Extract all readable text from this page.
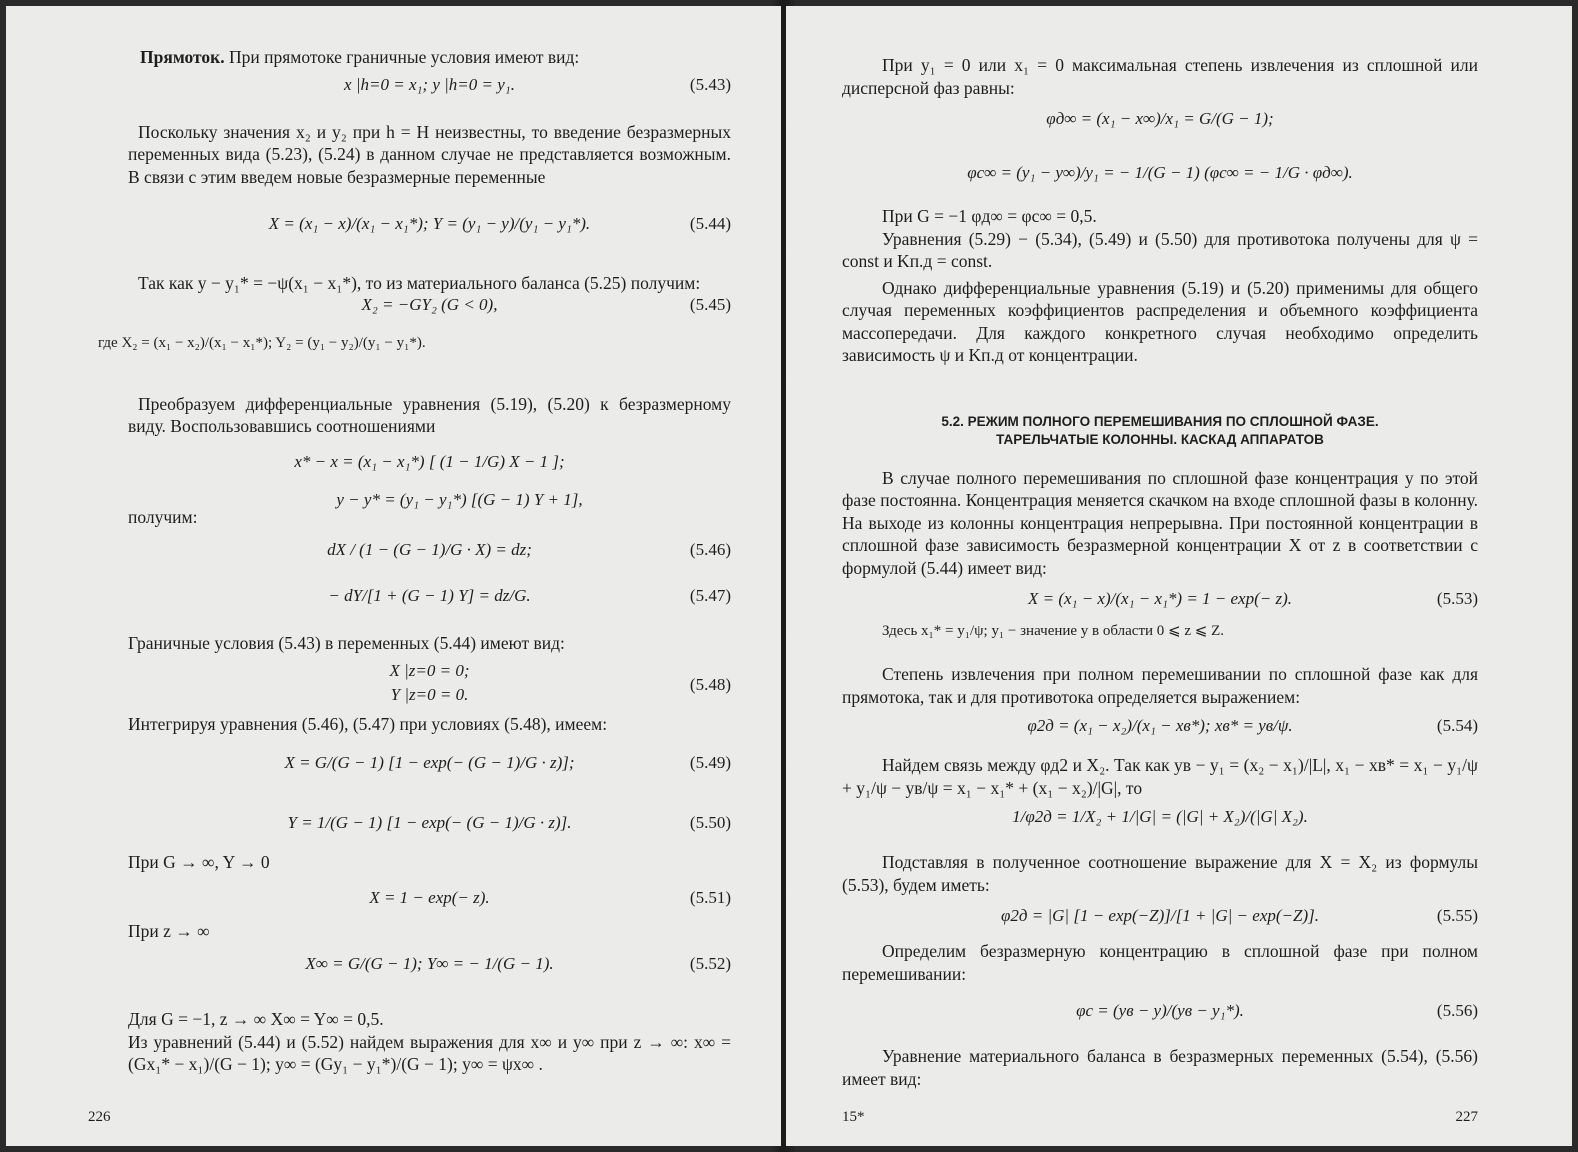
Прямоток. При прямотоке граничные условия имеют вид:

x |h=0 = x₁; y |h=0 = y₁.	(5.43)

Поскольку значения x₂ и y₂ при h = H неизвестны, то введение безразмерных переменных вида (5.23), (5.24) в данном случае не представляется возможным. В связи с этим введем новые безразмерные переменные

X = (x₁ − x)/(x₁ − x₁*); Y = (y₁ − y)/(y₁ − y₁*).	(5.44)

Так как y − y₁* = −ψ(x₁ − x₁*), то из материального баланса (5.25) получим:

X₂ = −GY₂ (G < 0),	(5.45)

где X₂ = (x₁ − x₂)/(x₁ − x₁*); Y₂ = (y₁ − y₂)/(y₁ − y₁*).

Преобразуем дифференциальные уравнения (5.19), (5.20) к безразмерному виду. Воспользовавшись соотношениями

x* − x = (x₁ − x₁*) [ (1 − 1/G) X − 1 ];
y − y* = (y₁ − y₁*) [(G − 1) Y + 1],

получим:

dX / (1 − (G − 1)/G · X) = dz;	(5.46)
− dY/[1 + (G − 1) Y] = dz/G.	(5.47)

Граничные условия (5.43) в переменных (5.44) имеют вид:

X |z=0 = 0;
Y |z=0 = 0.
(5.48)

Интегрируя уравнения (5.46), (5.47) при условиях (5.48), имеем:

X = G/(G − 1) [1 − exp(− (G − 1)/G · z)];	(5.49)
Y = 1/(G − 1) [1 − exp(− (G − 1)/G · z)].	(5.50)

При G → ∞, Y → 0

X = 1 − exp(− z).	(5.51)

При z → ∞

X∞ = G/(G − 1); Y∞ = − 1/(G − 1).	(5.52)

Для G = −1, z → ∞ X∞ = Y∞ = 0,5.

Из уравнений (5.44) и (5.52) найдем выражения для x∞ и y∞ при z → ∞: x∞ = (Gx₁* − x₁)/(G − 1); y∞ = (Gy₁ − y₁*)/(G − 1); y∞ = ψx∞ .

226

При y₁ = 0 или x₁ = 0 максимальная степень извлечения из сплошной или дисперсной фаз равны:

φд∞ = (x₁ − x∞)/x₁ = G/(G − 1);
φс∞ = (y₁ − y∞)/y₁ = − 1/(G − 1) (φс∞ = − 1/G · φд∞).

При G = −1 φд∞ = φс∞ = 0,5.

Уравнения (5.29) − (5.34), (5.49) и (5.50) для противотока получены для ψ = const и Kп.д = const.

Однако дифференциальные уравнения (5.19) и (5.20) применимы для общего случая переменных коэффициентов распределения и объемного коэффициента массопередачи. Для каждого конкретного случая необходимо определить зависимость ψ и Kп.д от концентрации.

5.2. РЕЖИМ ПОЛНОГО ПЕРЕМЕШИВАНИЯ ПО СПЛОШНОЙ ФАЗЕ.
ТАРЕЛЬЧАТЫЕ КОЛОННЫ. КАСКАД АППАРАТОВ

В случае полного перемешивания по сплошной фазе концентрация y по этой фазе постоянна. Концентрация меняется скачком на входе сплошной фазы в колонну. На выходе из колонны концентрация непрерывна. При постоянной концентрации в сплошной фазе зависимость безразмерной концентрации X от z в соответствии с формулой (5.44) имеет вид:

X = (x₁ − x)/(x₁ − x₁*) = 1 − exp(− z).	(5.53)

Здесь x₁* = y₁/ψ; y₁ − значение y в области 0 ⩽ z ⩽ Z.

Степень извлечения при полном перемешивании по сплошной фазе как для прямотока, так и для противотока определяется выражением:

φ2д = (x₁ − x₂)/(x₁ − xв*); xв* = yв/ψ.	(5.54)

Найдем связь между φд2 и X₂. Так как yв − y₁ = (x₂ − x₁)/|L|, x₁ − xв* = x₁ − y₁/ψ + y₁/ψ − yв/ψ = x₁ − x₁* + (x₁ − x₂)/|G|, то

1/φ2д = 1/X₂ + 1/|G| = (|G| + X₂)/(|G| X₂).

Подставляя в полученное соотношение выражение для X = X₂ из формулы (5.53), будем иметь:

φ2д = |G| [1 − exp(−Z)]/[1 + |G| − exp(−Z)].	(5.55)

Определим безразмерную концентрацию в сплошной фазе при полном перемешивании:

φс = (yв − y)/(yв − y₁*).	(5.56)

Уравнение материального баланса в безразмерных переменных (5.54), (5.56) имеет вид:

15*	227
